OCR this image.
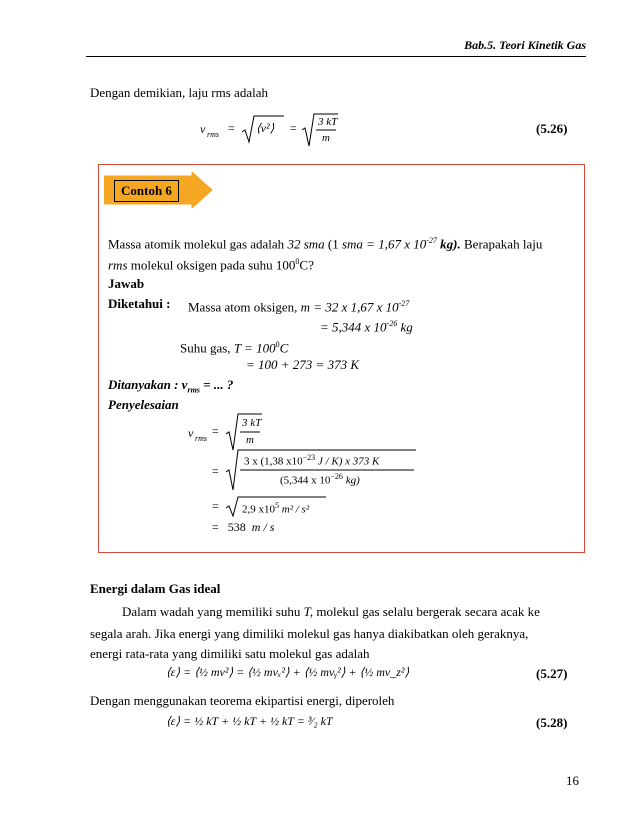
Bab.5. Teori Kinetik Gas
Dengan demikian, laju rms adalah
v rms = ⟨v²⟩ = 3 kT
m
(5.26)
Contoh 6
Massa atomik molekul gas adalah 32 sma (1 sma = 1,67 x $10^{-27}$ kg). Berapakah laju
rms molekul oksigen pada suhu $100^0C$?
Jawab
Diketahui : Massa atom oksigen, m = 32 x 1,67 x $10^{-27}$
= 5,344 x $10^{-26}$ kg
Suhu gas, $T = 100^0C$
= 100 + 273 = 373 K
Ditanyakan : $v_{rms}$ = ... ?
Penyelesaian
v rms
=
3 kT
m
=
3 x (1,38 $x10^{-23}$ J / K) x 373 K
(5,344 x $10^{-26}$ kg)
= 2,9 $x10^5$ m² / s²
= 538 m / s
Energi dalam Gas ideal
Dalam wadah yang memiliki suhu T, molekul gas selalu bergerak secara acak ke
segala arah. Jika energi yang dimiliki molekul gas hanya diakibatkan oleh geraknya,
energi rata-rata yang dimiliki satu molekul gas adalah
⟨ε⟩ = ⟨½ mv²⟩ = ⟨½ mvₓ²⟩ + ⟨½ mvᵧ²⟩ + ⟨½ mv_z²⟩	(5.27)
Dengan menggunakan teorema ekipartisi energi, diperoleh
⟨ε⟩ = ½ kT + ½ kT + ½ kT = ³⁄₂ kT	(5.28)
16
